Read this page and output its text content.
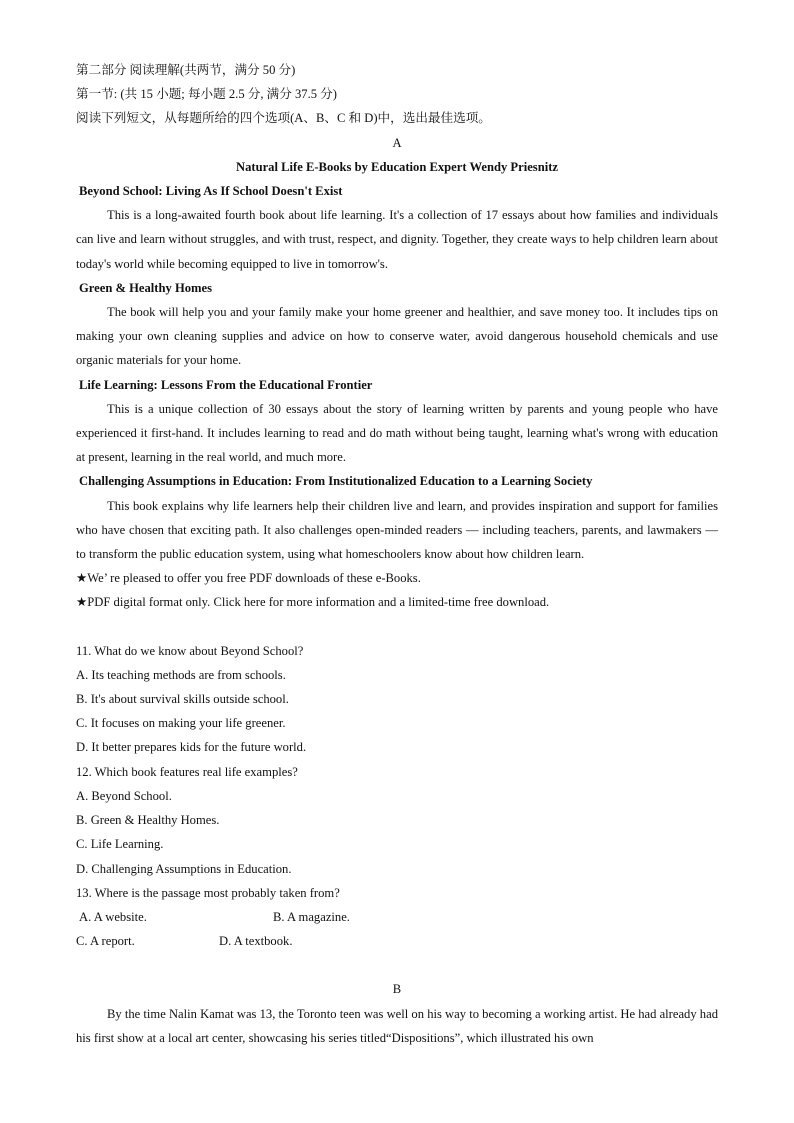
第二部分 阅读理解(共两节，满分 50 分)
第一节: (共 15 小题; 每小题 2.5 分, 满分 37.5 分)
阅读下列短文，从每题所给的四个选项(A、B、C 和 D)中，选出最佳选项。
A
Natural Life E-Books by Education Expert Wendy Priesnitz
Beyond School: Living As If School Doesn't Exist

This is a long-awaited fourth book about life learning. It's a collection of 17 essays about how families and individuals can live and learn without struggles, and with trust, respect, and dignity. Together, they create ways to help children learn about today's world while becoming equipped to live in tomorrow's.

Green & Healthy Homes

The book will help you and your family make your home greener and healthier, and save money too. It includes tips on making your own cleaning supplies and advice on how to conserve water, avoid dangerous household chemicals and use organic materials for your home.

Life Learning: Lessons From the Educational Frontier

This is a unique collection of 30 essays about the story of learning written by parents and young people who have experienced it first-hand. It includes learning to read and do math without being taught, learning what's wrong with education at present, learning in the real world, and much more.

Challenging Assumptions in Education: From Institutionalized Education to a Learning Society

This book explains why life learners help their children live and learn, and provides inspiration and support for families who have chosen that exciting path. It also challenges open-minded readers — including teachers, parents, and lawmakers — to transform the public education system, using what homeschoolers know about how children learn.

★We’ re pleased to offer you free PDF downloads of these e-Books.
★PDF digital format only. Click here for more information and a limited-time free download.
11. What do we know about Beyond School?
A. Its teaching methods are from schools.
B. It's about survival skills outside school.
C. It focuses on making your life greener.
D. It better prepares kids for the future world.
12. Which book features real life examples?
A. Beyond School.
B. Green & Healthy Homes.
C. Life Learning.
D. Challenging Assumptions in Education.
13. Where is the passage most probably taken from?
A. A website.	B. A magazine.
C. A report.	D. A textbook.
B

By the time Nalin Kamat was 13, the Toronto teen was well on his way to becoming a working artist. He had already had his first show at a local art center, showcasing his series titled“Dispositions”, which illustrated his own
